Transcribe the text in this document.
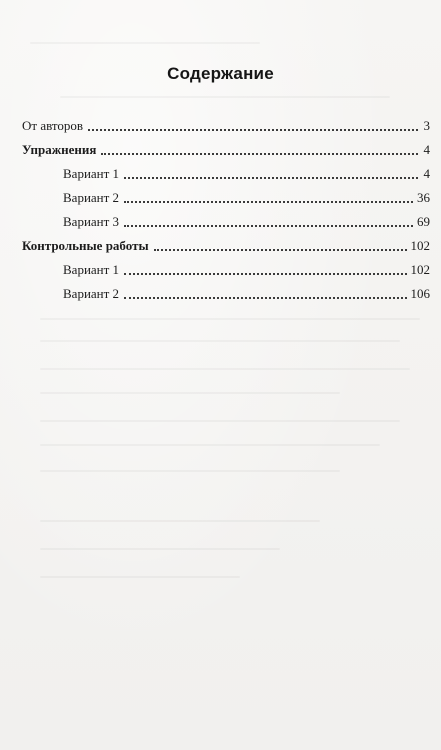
Содержание
От авторов	3
Упражнения	4
Вариант 1	4
Вариант 2	36
Вариант 3	69
Контрольные работы	102
Вариант 1	102
Вариант 2	106
